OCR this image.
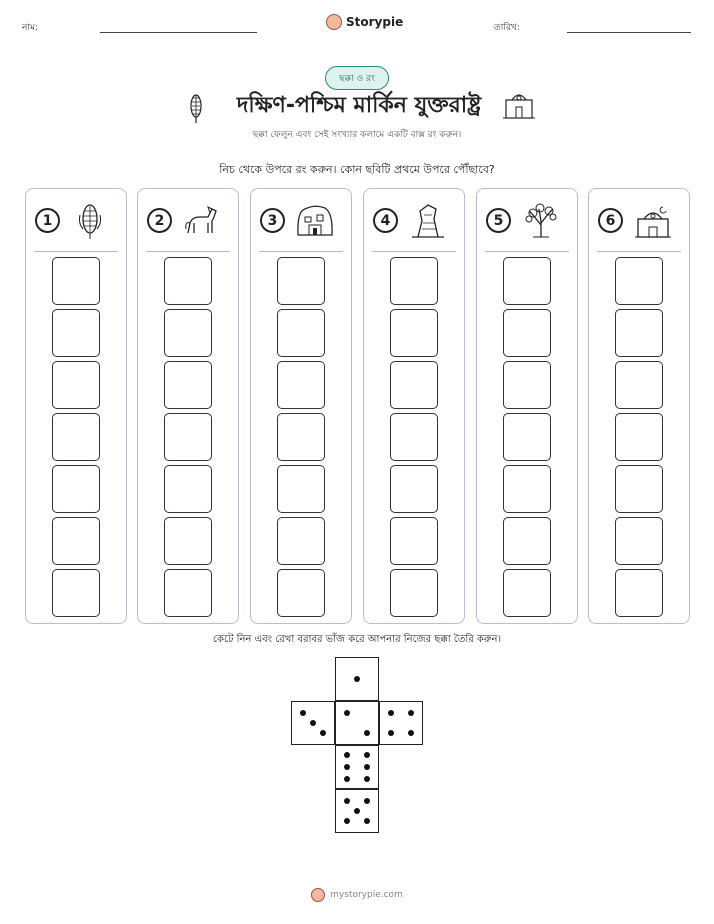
নাম:	Storypie	তারিখ:
ছক্কা ও রং
দক্ষিণ-পশ্চিম মার্কিন যুক্তরাষ্ট্র
ছক্কা ফেলুন এবং সেই সংখ্যার কলামে একটি বাক্স রং করুন।
নিচ থেকে উপরে রং করুন। কোন ছবিটি প্রথমে উপরে পৌঁছাবে?
1	2	3	4	5	6
কেটে নিন এবং রেখা বরাবর ভাঁজ করে আপনার নিজের ছক্কা তৈরি করুন।
mystorypie.com
